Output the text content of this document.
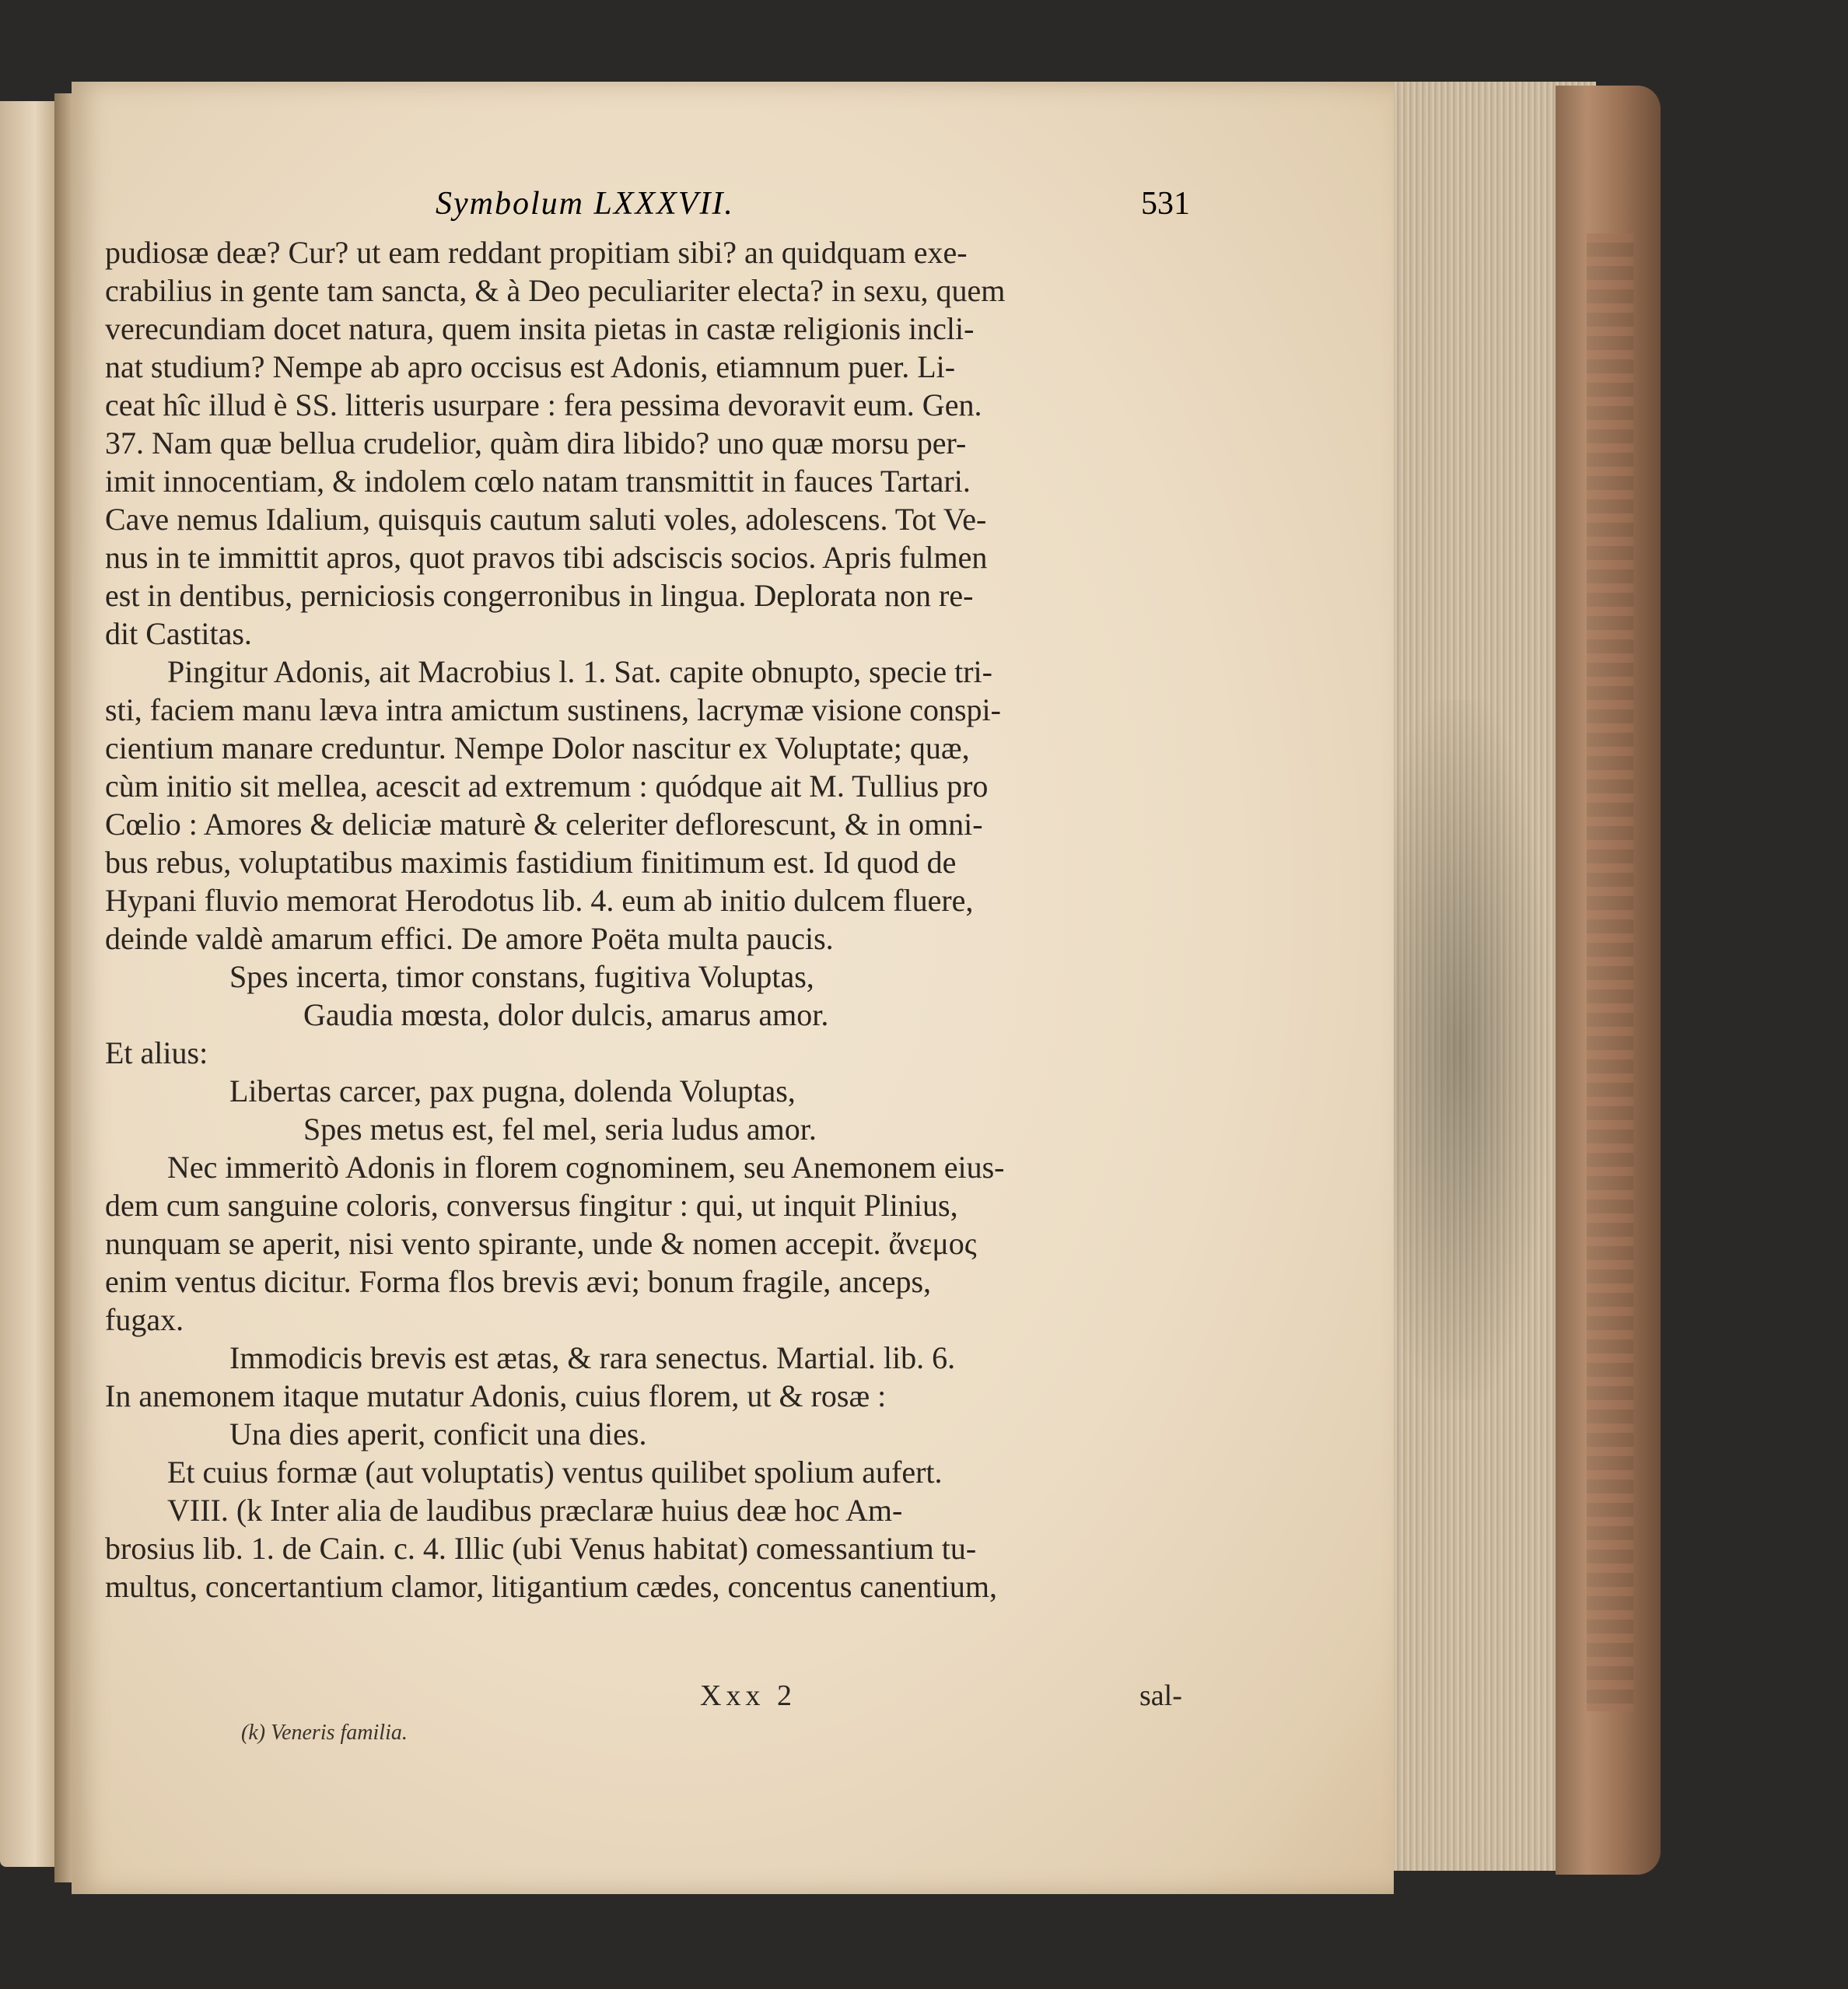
Symbolum LXXXVII.	531
pudiosæ deæ? Cur? ut eam reddant propitiam sibi? an quidquam exe-
crabilius in gente tam sancta, & à Deo peculiariter electa? in sexu, quem
verecundiam docet natura, quem insita pietas in castæ religionis incli-
nat studium? Nempe ab apro occisus est Adonis, etiamnum puer. Li-
ceat hîc illud è SS. litteris usurpare : fera pessima devoravit eum. Gen.
37. Nam quæ bellua crudelior, quàm dira libido? uno quæ morsu per-
imit innocentiam, & indolem cœlo natam transmittit in fauces Tartari.
Cave nemus Idalium, quisquis cautum saluti voles, adolescens. Tot Ve-
nus in te immittit apros, quot pravos tibi adsciscis socios. Apris fulmen
est in dentibus, perniciosis congerronibus in lingua. Deplorata non re-
dit Castitas.
Pingitur Adonis, ait Macrobius l. 1. Sat. capite obnupto, specie tri-
sti, faciem manu læva intra amictum sustinens, lacrymæ visione conspi-
cientium manare creduntur. Nempe Dolor nascitur ex Voluptate; quæ,
cùm initio sit mellea, acescit ad extremum : quódque ait M. Tullius pro
Cœlio : Amores & deliciæ maturè & celeriter deflorescunt, & in omni-
bus rebus, voluptatibus maximis fastidium finitimum est. Id quod de
Hypani fluvio memorat Herodotus lib. 4. eum ab initio dulcem fluere,
deinde valdè amarum effici. De amore Poëta multa paucis.
Spes incerta, timor constans, fugitiva Voluptas,
Gaudia mœsta, dolor dulcis, amarus amor.
Et alius:
Libertas carcer, pax pugna, dolenda Voluptas,
Spes metus est, fel mel, seria ludus amor.
Nec immeritò Adonis in florem cognominem, seu Anemonem eius-
dem cum sanguine coloris, conversus fingitur : qui, ut inquit Plinius,
nunquam se aperit, nisi vento spirante, unde & nomen accepit. ἄνεμος
enim ventus dicitur. Forma flos brevis ævi; bonum fragile, anceps,
fugax.
Immodicis brevis est ætas, & rara senectus. Martial. lib. 6.
In anemonem itaque mutatur Adonis, cuius florem, ut & rosæ :
Una dies aperit, conficit una dies.
Et cuius formæ (aut voluptatis) ventus quilibet spolium aufert.
VIII. (k Inter alia de laudibus præclaræ huius deæ hoc Am-
brosius lib. 1. de Cain. c. 4. Illic (ubi Venus habitat) comessantium tu-
multus, concertantium clamor, litigantium cædes, concentus canentium,
Xxx 2	sal-
(k) Veneris familia.
